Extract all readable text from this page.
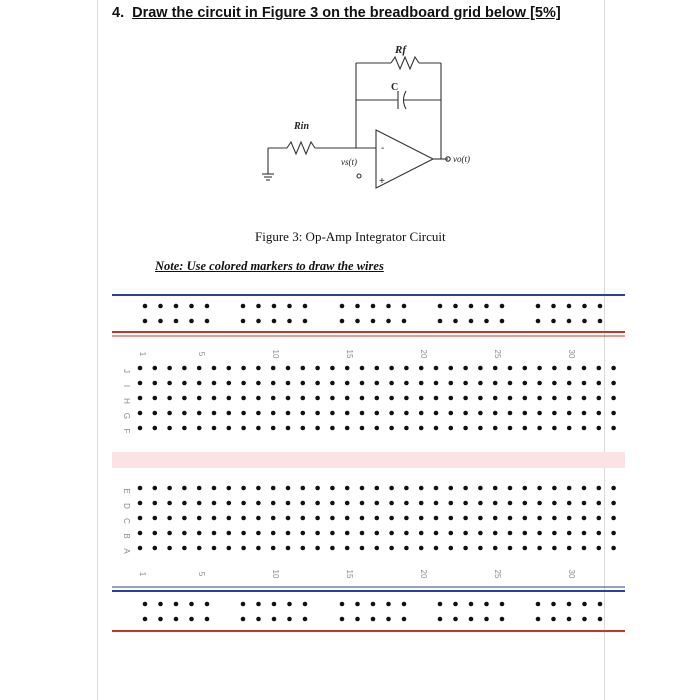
4. Draw the circuit in Figure 3 on the breadboard grid below [5%]
Rf
C
Rin
vs(t)	vo(t)
-
+
Figure 3: Op-Amp Integrator Circuit
Note: Use colored markers to draw the wires
1
1
5
5
10
10
15
15
20
20
25
25
30
30
J
I
H
G
F
E
D
C
B
A
